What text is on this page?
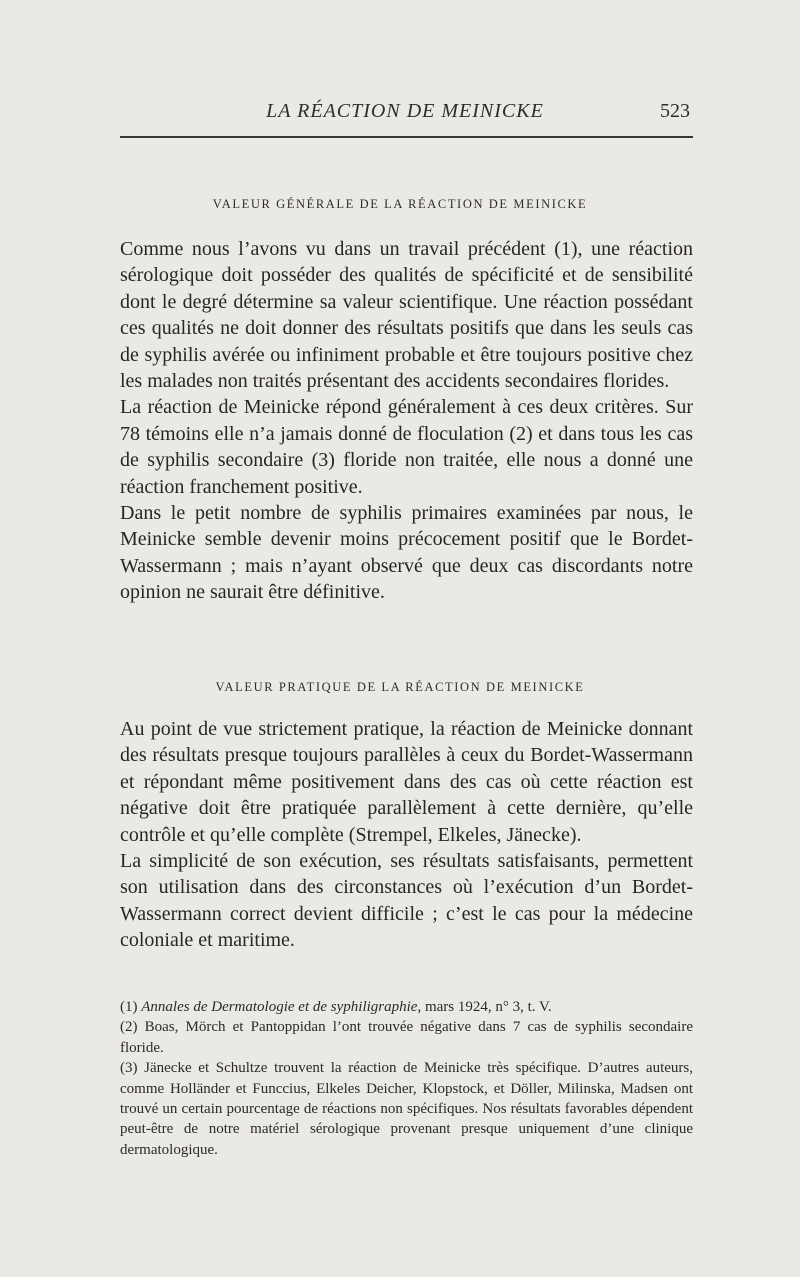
LA RÉACTION DE MEINICKE	523
VALEUR GÉNÉRALE DE LA RÉACTION DE MEINICKE

Comme nous l’avons vu dans un travail précédent (1), une réaction sérologique doit posséder des qualités de spécificité et de sensibilité dont le degré détermine sa valeur scientifique. Une réaction possédant ces qualités ne doit donner des résultats positifs que dans les seuls cas de syphilis avérée ou infiniment probable et être toujours positive chez les malades non traités présentant des accidents secondaires florides.

La réaction de Meinicke répond généralement à ces deux critères. Sur 78 témoins elle n’a jamais donné de floculation (2) et dans tous les cas de syphilis secondaire (3) floride non traitée, elle nous a donné une réaction franchement positive.

Dans le petit nombre de syphilis primaires examinées par nous, le Meinicke semble devenir moins précocement positif que le Bordet-Wassermann ; mais n’ayant observé que deux cas discordants notre opinion ne saurait être définitive.

VALEUR PRATIQUE DE LA RÉACTION DE MEINICKE

Au point de vue strictement pratique, la réaction de Meinicke donnant des résultats presque toujours parallèles à ceux du Bordet-Wassermann et répondant même positivement dans des cas où cette réaction est négative doit être pratiquée parallèlement à cette dernière, qu’elle contrôle et qu’elle complète (Strempel, Elkeles, Jänecke).

La simplicité de son exécution, ses résultats satisfaisants, permettent son utilisation dans des circonstances où l’exécution d’un Bordet-Wassermann correct devient difficile ; c’est le cas pour la médecine coloniale et maritime.

(1) Annales de Dermatologie et de syphiligraphie, mars 1924, n° 3, t. V.

(2) Boas, Mörch et Pantoppidan l’ont trouvée négative dans 7 cas de syphilis secondaire floride.

(3) Jänecke et Schultze trouvent la réaction de Meinicke très spécifique. D’autres auteurs, comme Holländer et Funccius, Elkeles Deicher, Klopstock, et Döller, Milinska, Madsen ont trouvé un certain pourcentage de réactions non spécifiques. Nos résultats favorables dépendent peut-être de notre matériel sérologique provenant presque uniquement d’une clinique dermatologique.
